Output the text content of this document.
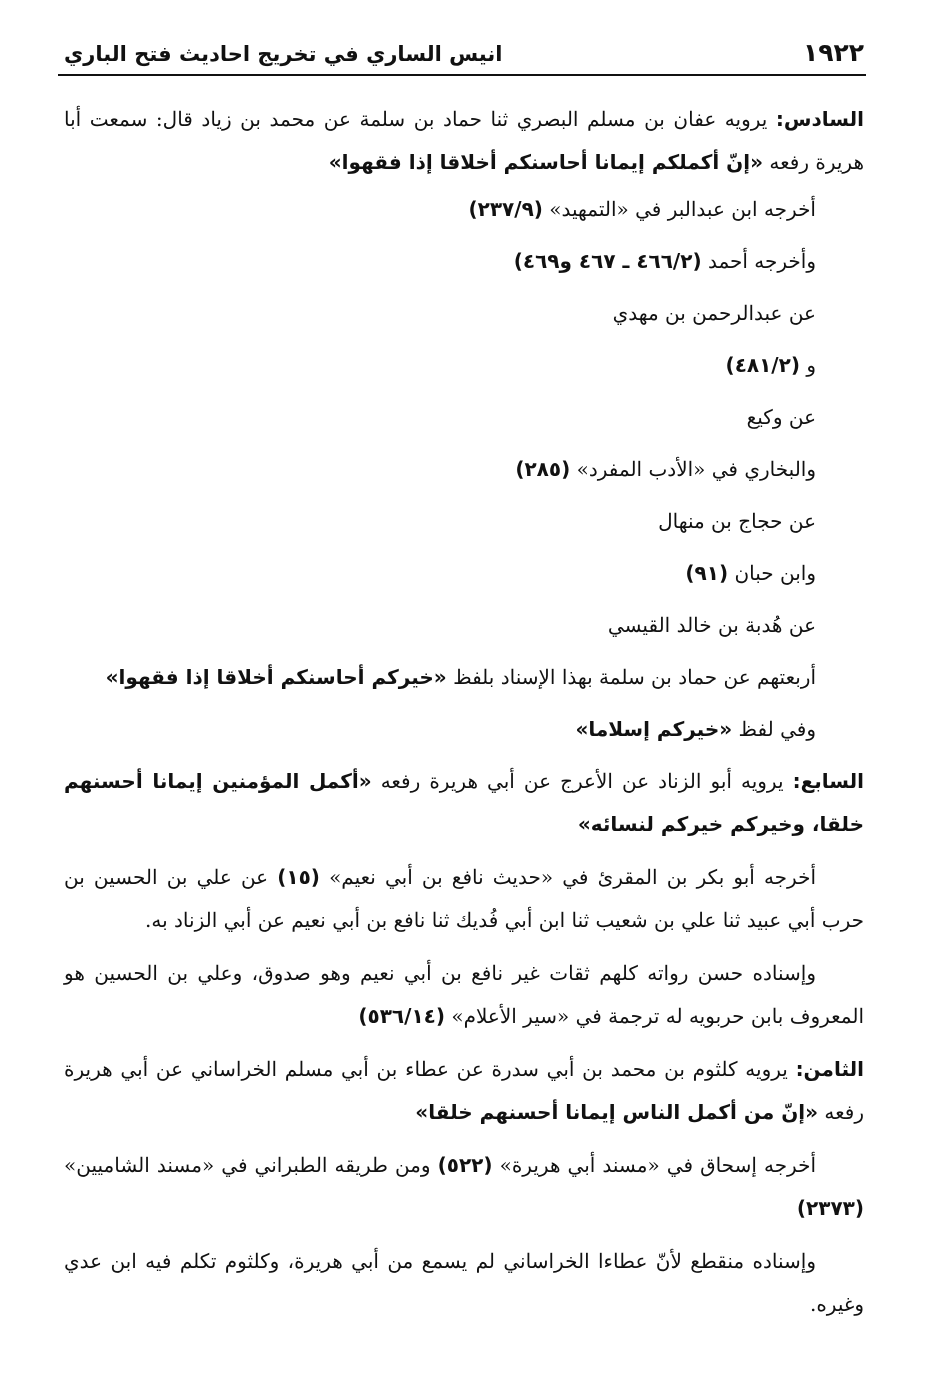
١٩٢٢
انيس الساري في تخريج احاديث فتح الباري

السادس: يرويه عفان بن مسلم البصري ثنا حماد بن سلمة عن محمد بن زياد قال: سمعت أبا هريرة رفعه «إنّ أكملكم إيمانا أحاسنكم أخلاقا إذا فقهوا»

أخرجه ابن عبدالبر في «التمهيد» (٢٣٧/٩)

وأخرجه أحمد (٤٦٦/٢ ـ ٤٦٧ و٤٦٩)

عن عبدالرحمن بن مهدي

و (٤٨١/٢)

عن وكيع

والبخاري في «الأدب المفرد» (٢٨٥)

عن حجاج بن منهال

وابن حبان (٩١)

عن هُدبة بن خالد القيسي

أربعتهم عن حماد بن سلمة بهذا الإسناد بلفظ «خيركم أحاسنكم أخلاقا إذا فقهوا»

وفي لفظ «خيركم إسلاما»

السابع: يرويه أبو الزناد عن الأعرج عن أبي هريرة رفعه «أكمل المؤمنين إيمانا أحسنهم خلقا، وخيركم خيركم لنسائه»

أخرجه أبو بكر بن المقرئ في «حديث نافع بن أبي نعيم» (١٥) عن علي بن الحسين بن حرب أبي عبيد ثنا علي بن شعيب ثنا ابن أبي فُديك ثنا نافع بن أبي نعيم عن أبي الزناد به.

وإسناده حسن رواته كلهم ثقات غير نافع بن أبي نعيم وهو صدوق، وعلي بن الحسين هو المعروف بابن حربويه له ترجمة في «سير الأعلام» (٥٣٦/١٤)

الثامن: يرويه كلثوم بن محمد بن أبي سدرة عن عطاء بن أبي مسلم الخراساني عن أبي هريرة رفعه «إنّ من أكمل الناس إيمانا أحسنهم خلقا»

أخرجه إسحاق في «مسند أبي هريرة» (٥٢٢) ومن طريقه الطبراني في «مسند الشاميين» (٢٣٧٣)

وإسناده منقطع لأنّ عطاءا الخراساني لم يسمع من أبي هريرة، وكلثوم تكلم فيه ابن عدي وغيره.
